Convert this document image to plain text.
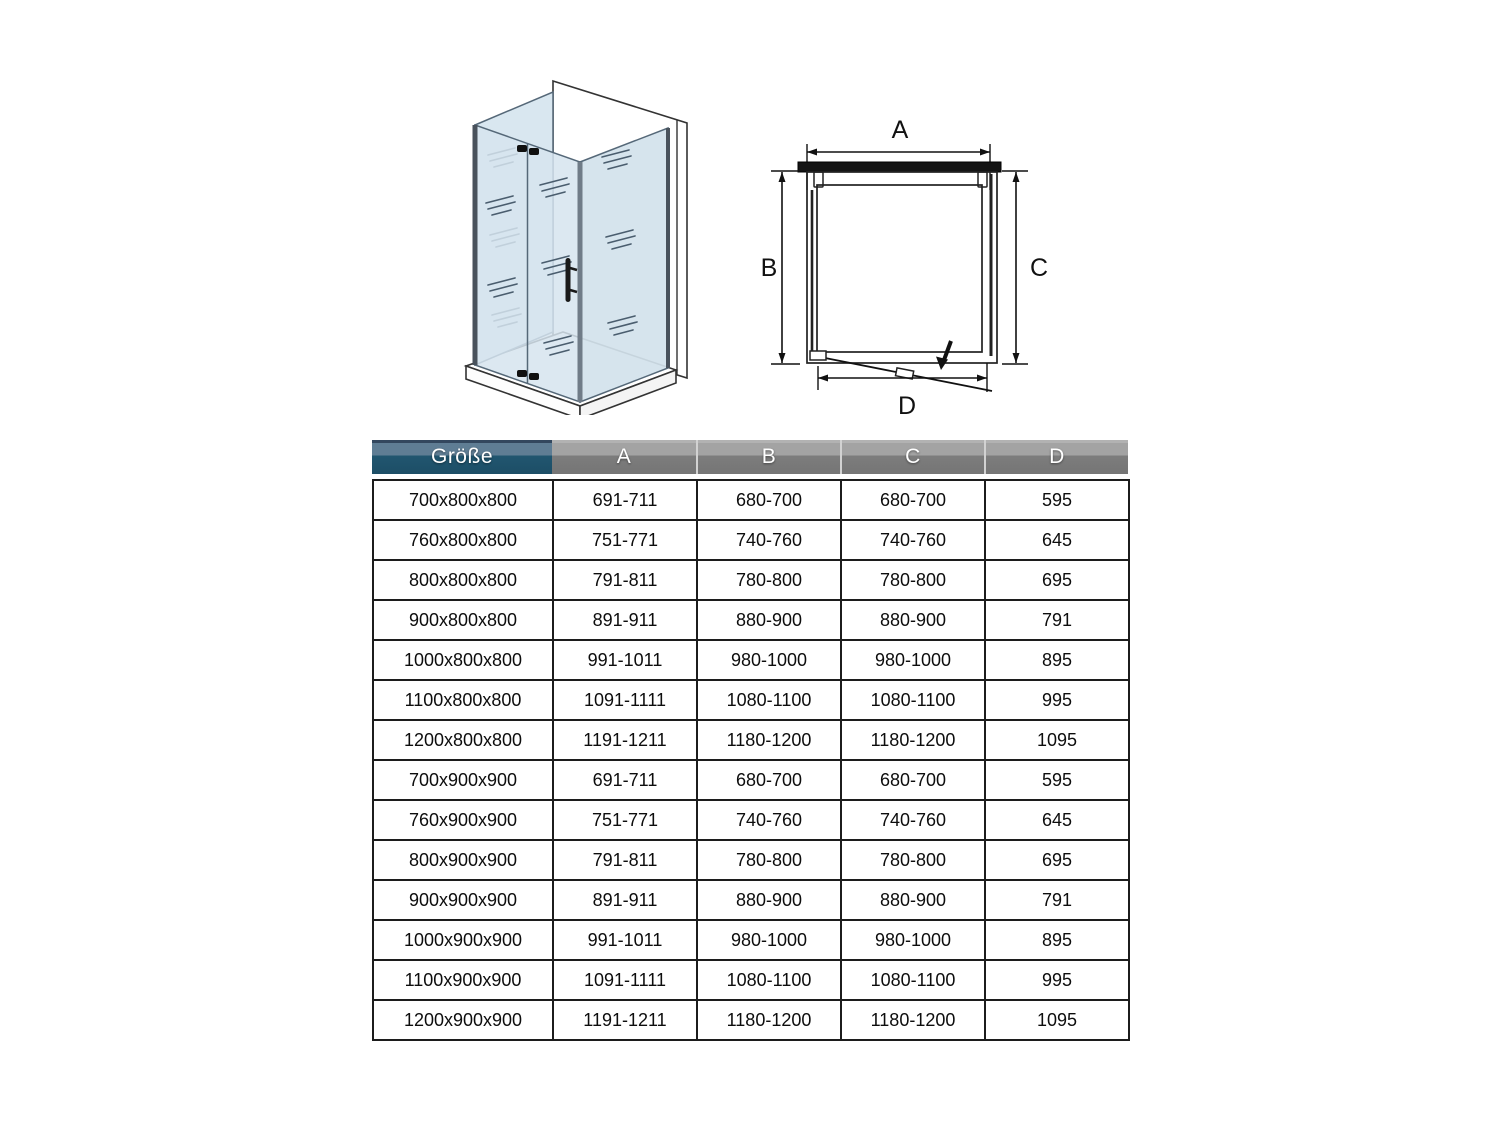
A
B	C
D
Größe	A	B	C	D
700x800x800	691-711	680-700	680-700	595
760x800x800	751-771	740-760	740-760	645
800x800x800	791-811	780-800	780-800	695
900x800x800	891-911	880-900	880-900	791
1000x800x800	991-1011	980-1000	980-1000	895
1100x800x800	1091-1111	1080-1100	1080-1100	995
1200x800x800	1191-1211	1180-1200	1180-1200	1095
700x900x900	691-711	680-700	680-700	595
760x900x900	751-771	740-760	740-760	645
800x900x900	791-811	780-800	780-800	695
900x900x900	891-911	880-900	880-900	791
1000x900x900	991-1011	980-1000	980-1000	895
1100x900x900	1091-1111	1080-1100	1080-1100	995
1200x900x900	1191-1211	1180-1200	1180-1200	1095
